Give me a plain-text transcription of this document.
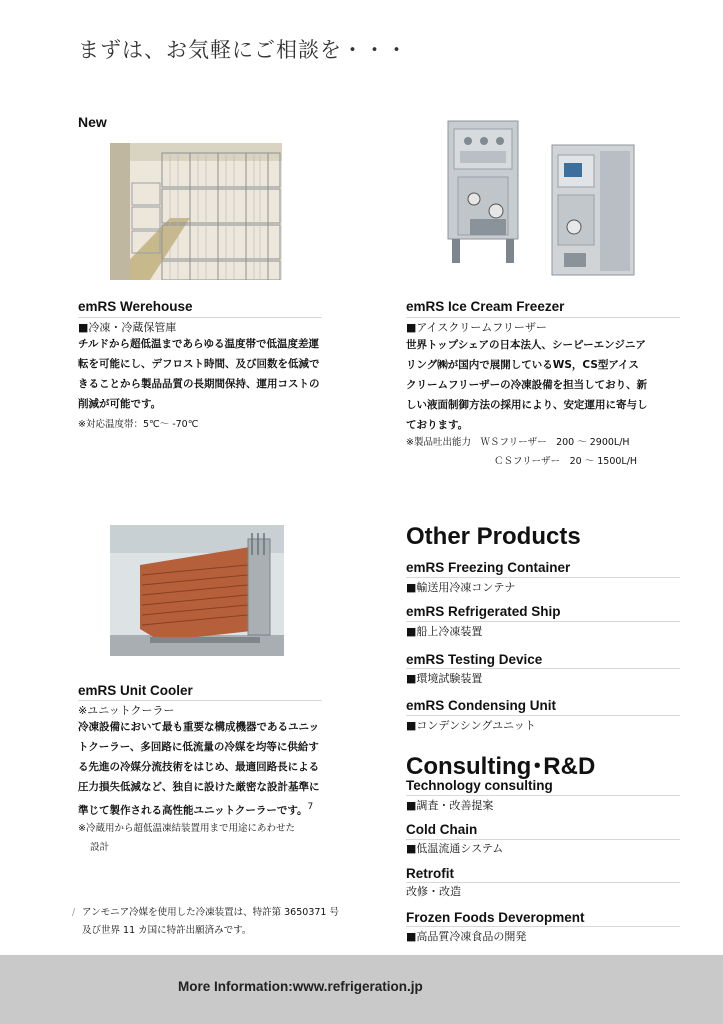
まずは、お気軽にご相談を・・・
New
emRS Werehouse
■冷凍・冷蔵保管庫
チルドから超低温まであらゆる温度帯で低温度差運
転を可能にし、デフロスト時間、及び回数を低減で
きることから製品品質の長期間保持、運用コストの
削減が可能です。
※対応温度帯：5℃～ -70℃
emRS Ice Cream Freezer
■アイスクリームフリーザー
世界トップシェアの日本法人、シーピーエンジニア
リング㈱が国内で展開しているWS，CS型アイス
クリームフリーザーの冷凍設備を担当しており、新
しい液面制御方法の採用により、安定運用に寄与し
ております。
※製品吐出能力　ＷＳフリーザー　200 ～ 2900L/H
ＣＳフリーザー　20 ～ 1500L/H
emRS Unit Cooler
※ユニットクーラー
冷凍設備において最も重要な構成機器であるユニッ
トクーラー、多回路に低流量の冷媒を均等に供給す
る先進の冷媒分流技術をはじめ、最適回路長による
圧力損失低減など、独自に設けた厳密な設計基準に
準じて製作される高性能ユニットクーラーです。$^7$
※冷蔵用から超低温凍結装置用まで用途にあわせた
設計
/ アンモニア冷媒を使用した冷凍装置は、特許第 3650371 号
及び世界 11 カ国に特許出願済みです。
Other Products
emRS Freezing Container
■輸送用冷凍コンテナ
emRS Refrigerated Ship
■船上冷凍装置
emRS Testing Device
■環境試験装置
emRS Condensing Unit
■コンデンシングユニット
Consulting･R&D
Technology consulting
■調査・改善提案
Cold Chain
■低温流通システム
Retrofit
改修・改造
Frozen Foods Deveropment
■高品質冷凍食品の開発
More Information:www.refrigeration.jp
